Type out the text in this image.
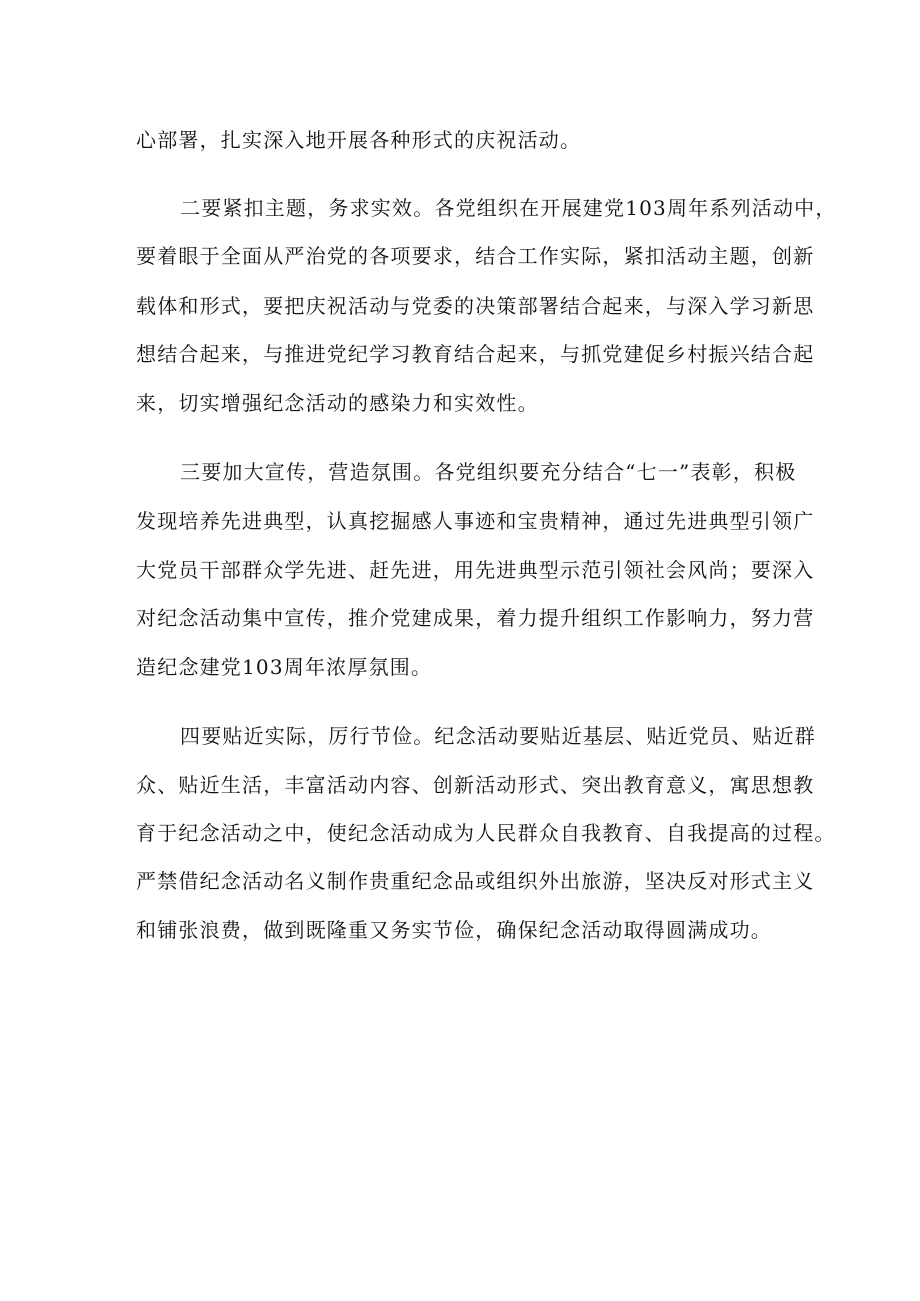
心部署，扎实深入地开展各种形式的庆祝活动。
二要紧扣主题，务求实效。各党组织在开展建党103周年系列活动中，
要着眼于全面从严治党的各项要求，结合工作实际，紧扣活动主题，创新
载体和形式，要把庆祝活动与党委的决策部署结合起来，与深入学习新思
想结合起来，与推进党纪学习教育结合起来，与抓党建促乡村振兴结合起
来，切实增强纪念活动的感染力和实效性。
三要加大宣传，营造氛围。各党组织要充分结合“七一”表彰，积极
发现培养先进典型，认真挖掘感人事迹和宝贵精神，通过先进典型引领广
大党员干部群众学先进、赶先进，用先进典型示范引领社会风尚；要深入
对纪念活动集中宣传，推介党建成果，着力提升组织工作影响力，努力营
造纪念建党103周年浓厚氛围。
四要贴近实际，厉行节俭。纪念活动要贴近基层、贴近党员、贴近群
众、贴近生活，丰富活动内容、创新活动形式、突出教育意义，寓思想教
育于纪念活动之中，使纪念活动成为人民群众自我教育、自我提高的过程。
严禁借纪念活动名义制作贵重纪念品或组织外出旅游，坚决反对形式主义
和铺张浪费，做到既隆重又务实节俭，确保纪念活动取得圆满成功。
